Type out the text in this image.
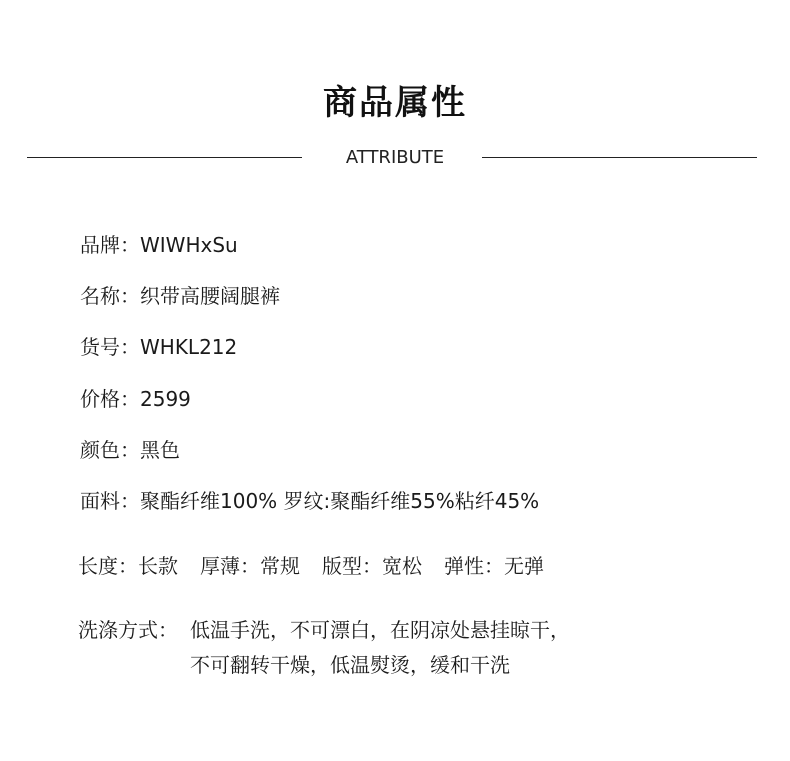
商品属性
ATTRIBUTE
品牌：WIWHxSu
名称：织带高腰阔腿裤
货号：WHKL212
价格：2599
颜色：黑色
面料：聚酯纤维100% 罗纹:聚酯纤维55%粘纤45%
长度：长款 厚薄：常规 版型：宽松 弹性：无弹
洗涤方式： 低温手洗，不可漂白，在阴凉处悬挂晾干，
不可翻转干燥，低温熨烫，缓和干洗
